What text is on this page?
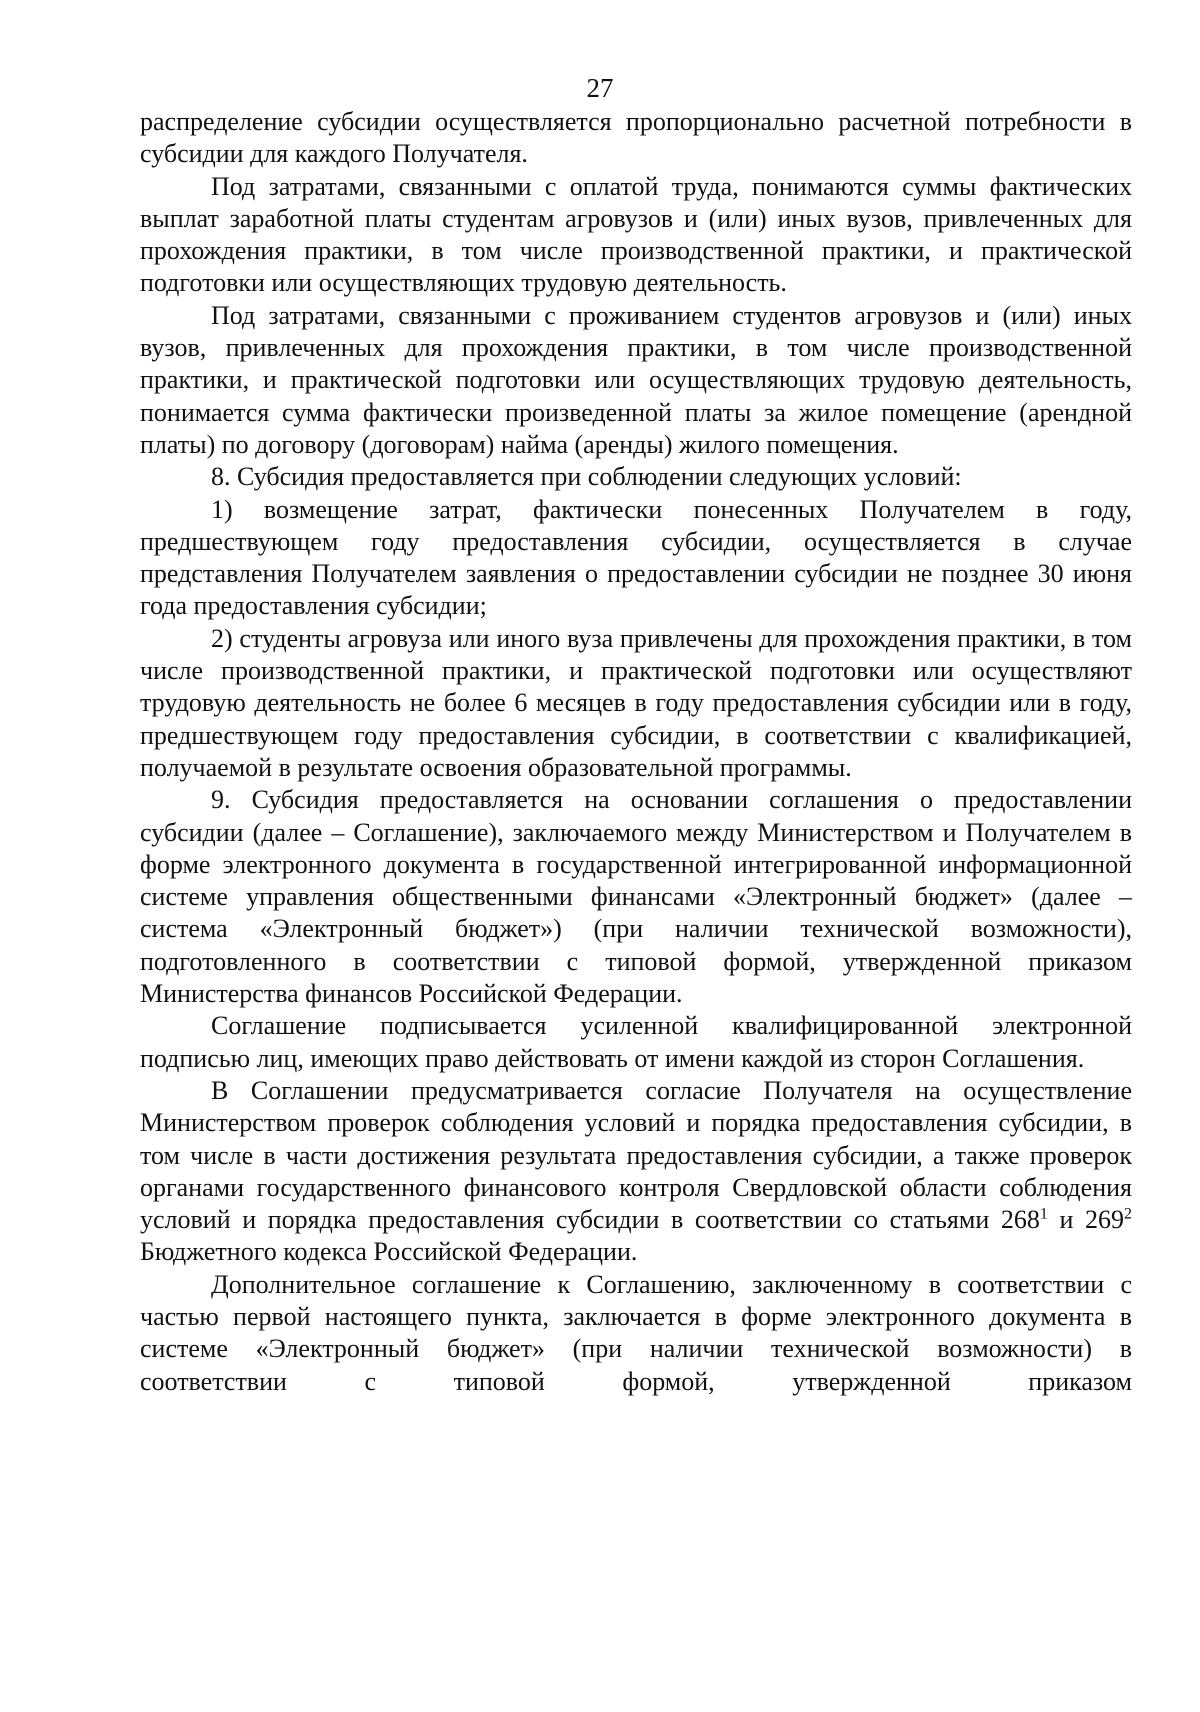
27

распределение субсидии осуществляется пропорционально расчетной потребности в субсидии для каждого Получателя.

Под затратами, связанными с оплатой труда, понимаются суммы фактических выплат заработной платы студентам агровузов и (или) иных вузов, привлеченных для прохождения практики, в том числе производственной практики, и практической подготовки или осуществляющих трудовую деятельность.

Под затратами, связанными с проживанием студентов агровузов и (или) иных вузов, привлеченных для прохождения практики, в том числе производственной практики, и практической подготовки или осуществляющих трудовую деятельность, понимается сумма фактически произведенной платы за жилое помещение (арендной платы) по договору (договорам) найма (аренды) жилого помещения.

8. Субсидия предоставляется при соблюдении следующих условий:

1) возмещение затрат, фактически понесенных Получателем в году, предшествующем году предоставления субсидии, осуществляется в случае представления Получателем заявления о предоставлении субсидии не позднее 30 июня года предоставления субсидии;

2) студенты агровуза или иного вуза привлечены для прохождения практики, в том числе производственной практики, и практической подготовки или осуществляют трудовую деятельность не более 6 месяцев в году предоставления субсидии или в году, предшествующем году предоставления субсидии, в соответствии с квалификацией, получаемой в результате освоения образовательной программы.

9. Субсидия предоставляется на основании соглашения о предоставлении субсидии (далее – Соглашение), заключаемого между Министерством и Получателем в форме электронного документа в государственной интегрированной информационной системе управления общественными финансами «Электронный бюджет» (далее – система «Электронный бюджет») (при наличии технической возможности), подготовленного в соответствии с типовой формой, утвержденной приказом Министерства финансов Российской Федерации.

Соглашение подписывается усиленной квалифицированной электронной подписью лиц, имеющих право действовать от имени каждой из сторон Соглашения.

В Соглашении предусматривается согласие Получателя на осуществление Министерством проверок соблюдения условий и порядка предоставления субсидии, в том числе в части достижения результата предоставления субсидии, а также проверок органами государственного финансового контроля Свердловской области соблюдения условий и порядка предоставления субсидии в соответствии со статьями $268^1$ и $269^2$ Бюджетного кодекса Российской Федерации.

Дополнительное соглашение к Соглашению, заключенному в соответствии с частью первой настоящего пункта, заключается в форме электронного документа в системе «Электронный бюджет» (при наличии технической возможности) в соответствии с типовой формой, утвержденной приказом
